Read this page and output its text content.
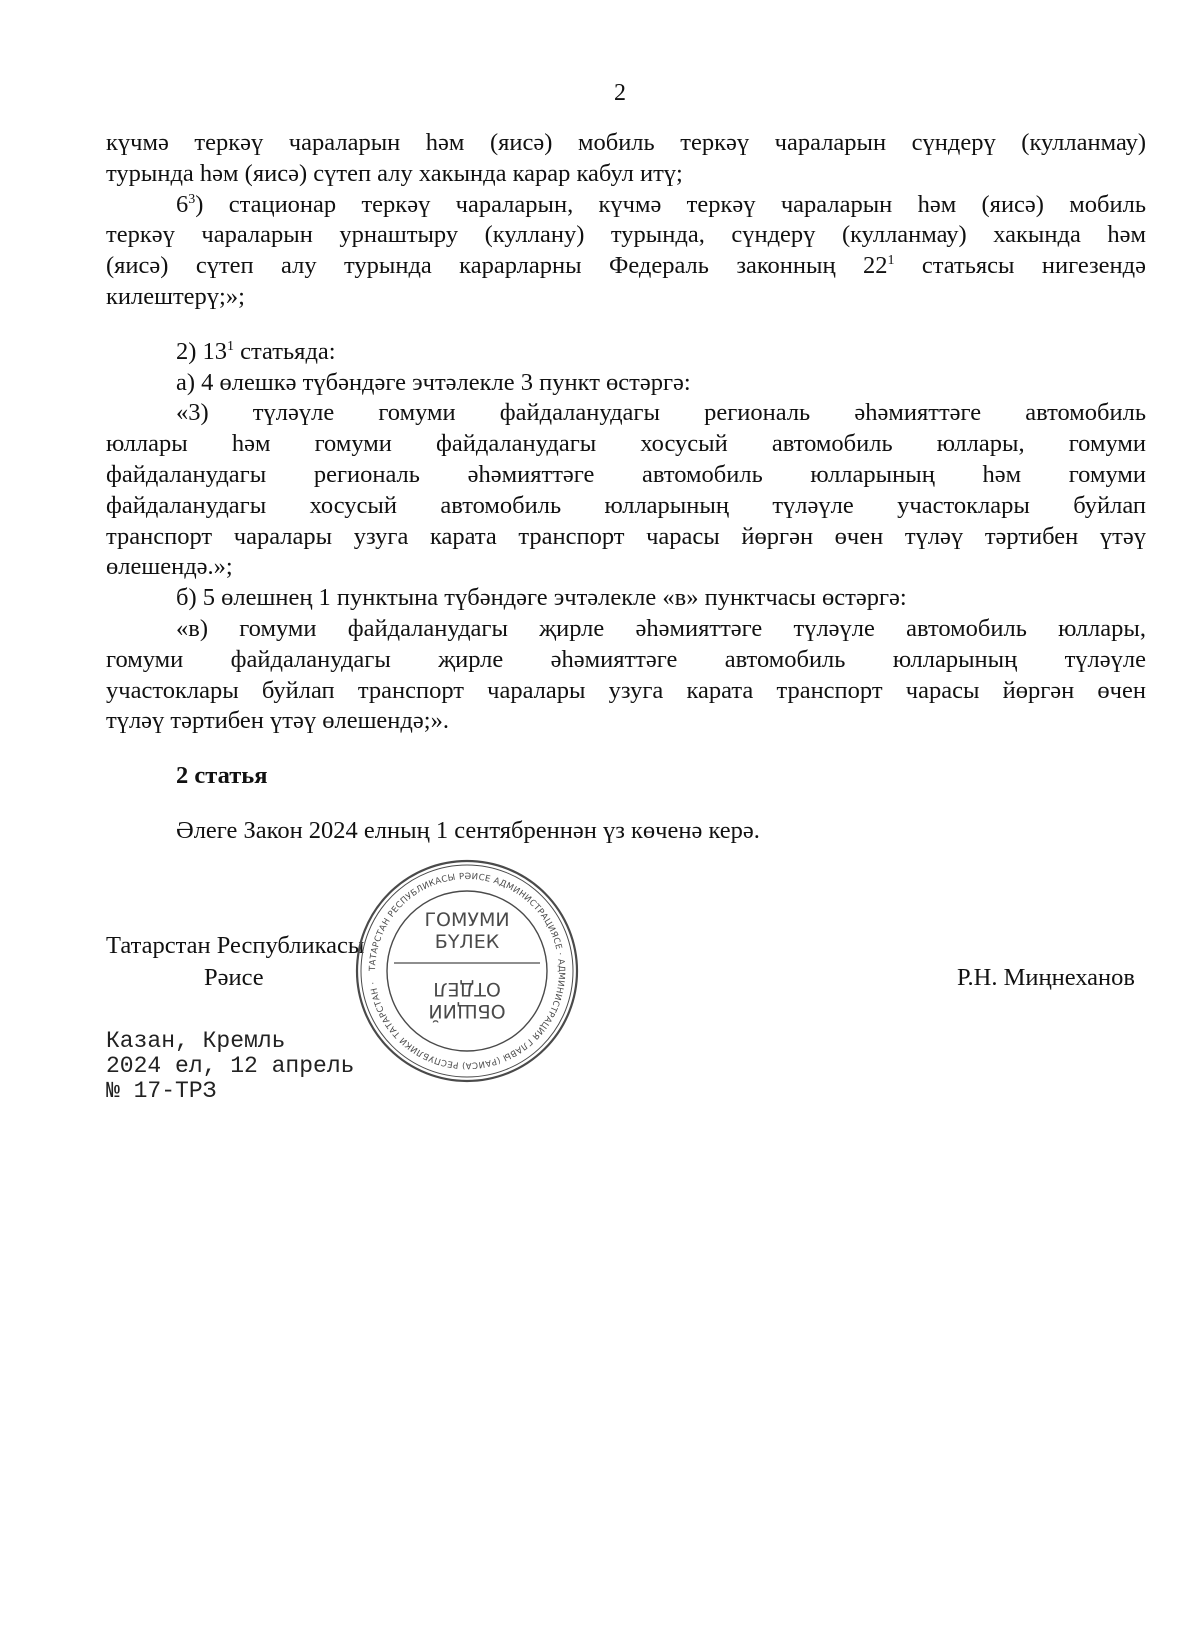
2
күчмә теркәү чараларын һәм (яисә) мобиль теркәү чараларын сүндерү (кулланмау)
турында һәм (яисә) сүтеп алу хакында карар кабул итү;
$6^3$) стационар теркәү чараларын, күчмә теркәү чараларын һәм (яисә) мобиль
теркәү чараларын урнаштыру (куллану) турында, сүндерү (кулланмау) хакында һәм
(яисә) сүтеп алу турында карарларны Федераль законның $22^1$ статьясы нигезендә
килештерү;»;
2) $13^1$ статьяда:
а) 4 өлешкә түбәндәге эчтәлекле 3 пункт өстәргә:
«3) түләүле гомуми файдаланудагы региональ әһәмияттәге автомобиль
юллары һәм гомуми файдаланудагы хосусый автомобиль юллары, гомуми
файдаланудагы региональ әһәмияттәге автомобиль юлларының һәм гомуми
файдаланудагы хосусый автомобиль юлларының түләүле участоклары буйлап
транспорт чаралары узуга карата транспорт чарасы йөргән өчен түләү тәртибен үтәү
өлешендә.»;
б) 5 өлешнең 1 пунктына түбәндәге эчтәлекле «в» пунктчасы өстәргә:
«в) гомуми файдаланудагы җирле әһәмияттәге түләүле автомобиль юллары,
гомуми файдаланудагы җирле әһәмияттәге автомобиль юлларының түләүле
участоклары буйлап транспорт чаралары узуга карата транспорт чарасы йөргән өчен
түләү тәртибен үтәү өлешендә;».
2 статья
Әлеге Закон 2024 елның 1 сентябреннән үз көченә керә.
Татарстан Республикасы
Рәисе	Р.Н. Миңнеханов
Казан, Кремль
2024 ел, 12 апрель
№ 17-ТРЗ
ТАТАРСТАН РЕСПУБЛИКАСЫ РӘИСЕ АДМИНИСТРАЦИЯСЕ · АДМИНИСТРАЦИЯ ГЛАВЫ (РАИСА) РЕСПУБЛИКИ ТАТАРСТАН ·
ГОМУМИ
БҮЛЕК
ОБЩИЙ
ОТДЕЛ
